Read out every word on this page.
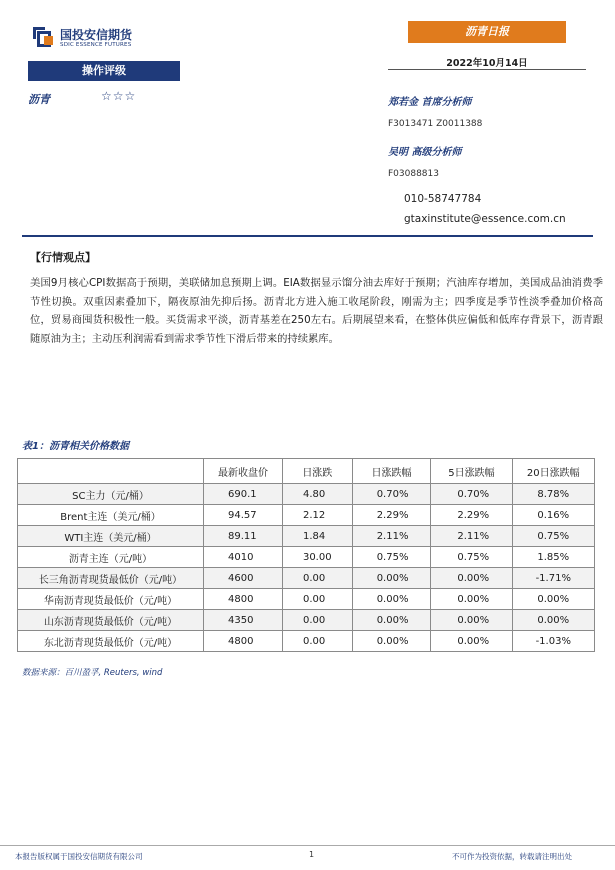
国投安信期货
SDIC ESSENCE FUTURES
沥青日报
2022年10月14日
操作评级
沥青	☆☆☆	郑若金 首席分析师
F3013471 Z0011388
吴明 高级分析师
F03088813
010-58747784
gtaxinstitute@essence.com.cn
【行情观点】
美国9月核心CPI数据高于预期，美联储加息预期上调。EIA数据显示馏分油去库好于预期；汽油库存增加，美国成品油消费季节性切换。双重因素叠加下，隔夜原油先抑后扬。沥青北方进入施工收尾阶段，刚需为主；四季度是季节性淡季叠加价格高位，贸易商囤货积极性一般。买货需求平淡，沥青基差在250左右。后期展望来看，在整体供应偏低和低库存背景下，沥青跟随原油为主；主动压利润需看到需求季节性下滑后带来的持续累库。
表1：沥青相关价格数据
	最新收盘价	日涨跌	日涨跌幅	5日涨跌幅	20日涨跌幅
SC主力（元/桶）	690.1	4.80	0.70%	0.70%	8.78%
Brent主连（美元/桶）	94.57	2.12	2.29%	2.29%	0.16%
WTI主连（美元/桶）	89.11	1.84	2.11%	2.11%	0.75%
沥青主连（元/吨）	4010	30.00	0.75%	0.75%	1.85%
长三角沥青现货最低价（元/吨）	4600	0.00	0.00%	0.00%	-1.71%
华南沥青现货最低价（元/吨）	4800	0.00	0.00%	0.00%	0.00%
山东沥青现货最低价（元/吨）	4350	0.00	0.00%	0.00%	0.00%
东北沥青现货最低价（元/吨）	4800	0.00	0.00%	0.00%	-1.03%
数据来源：百川盈孚, Reuters, wind
本报告版权属于国投安信期货有限公司	1	不可作为投资依据，转载请注明出处
